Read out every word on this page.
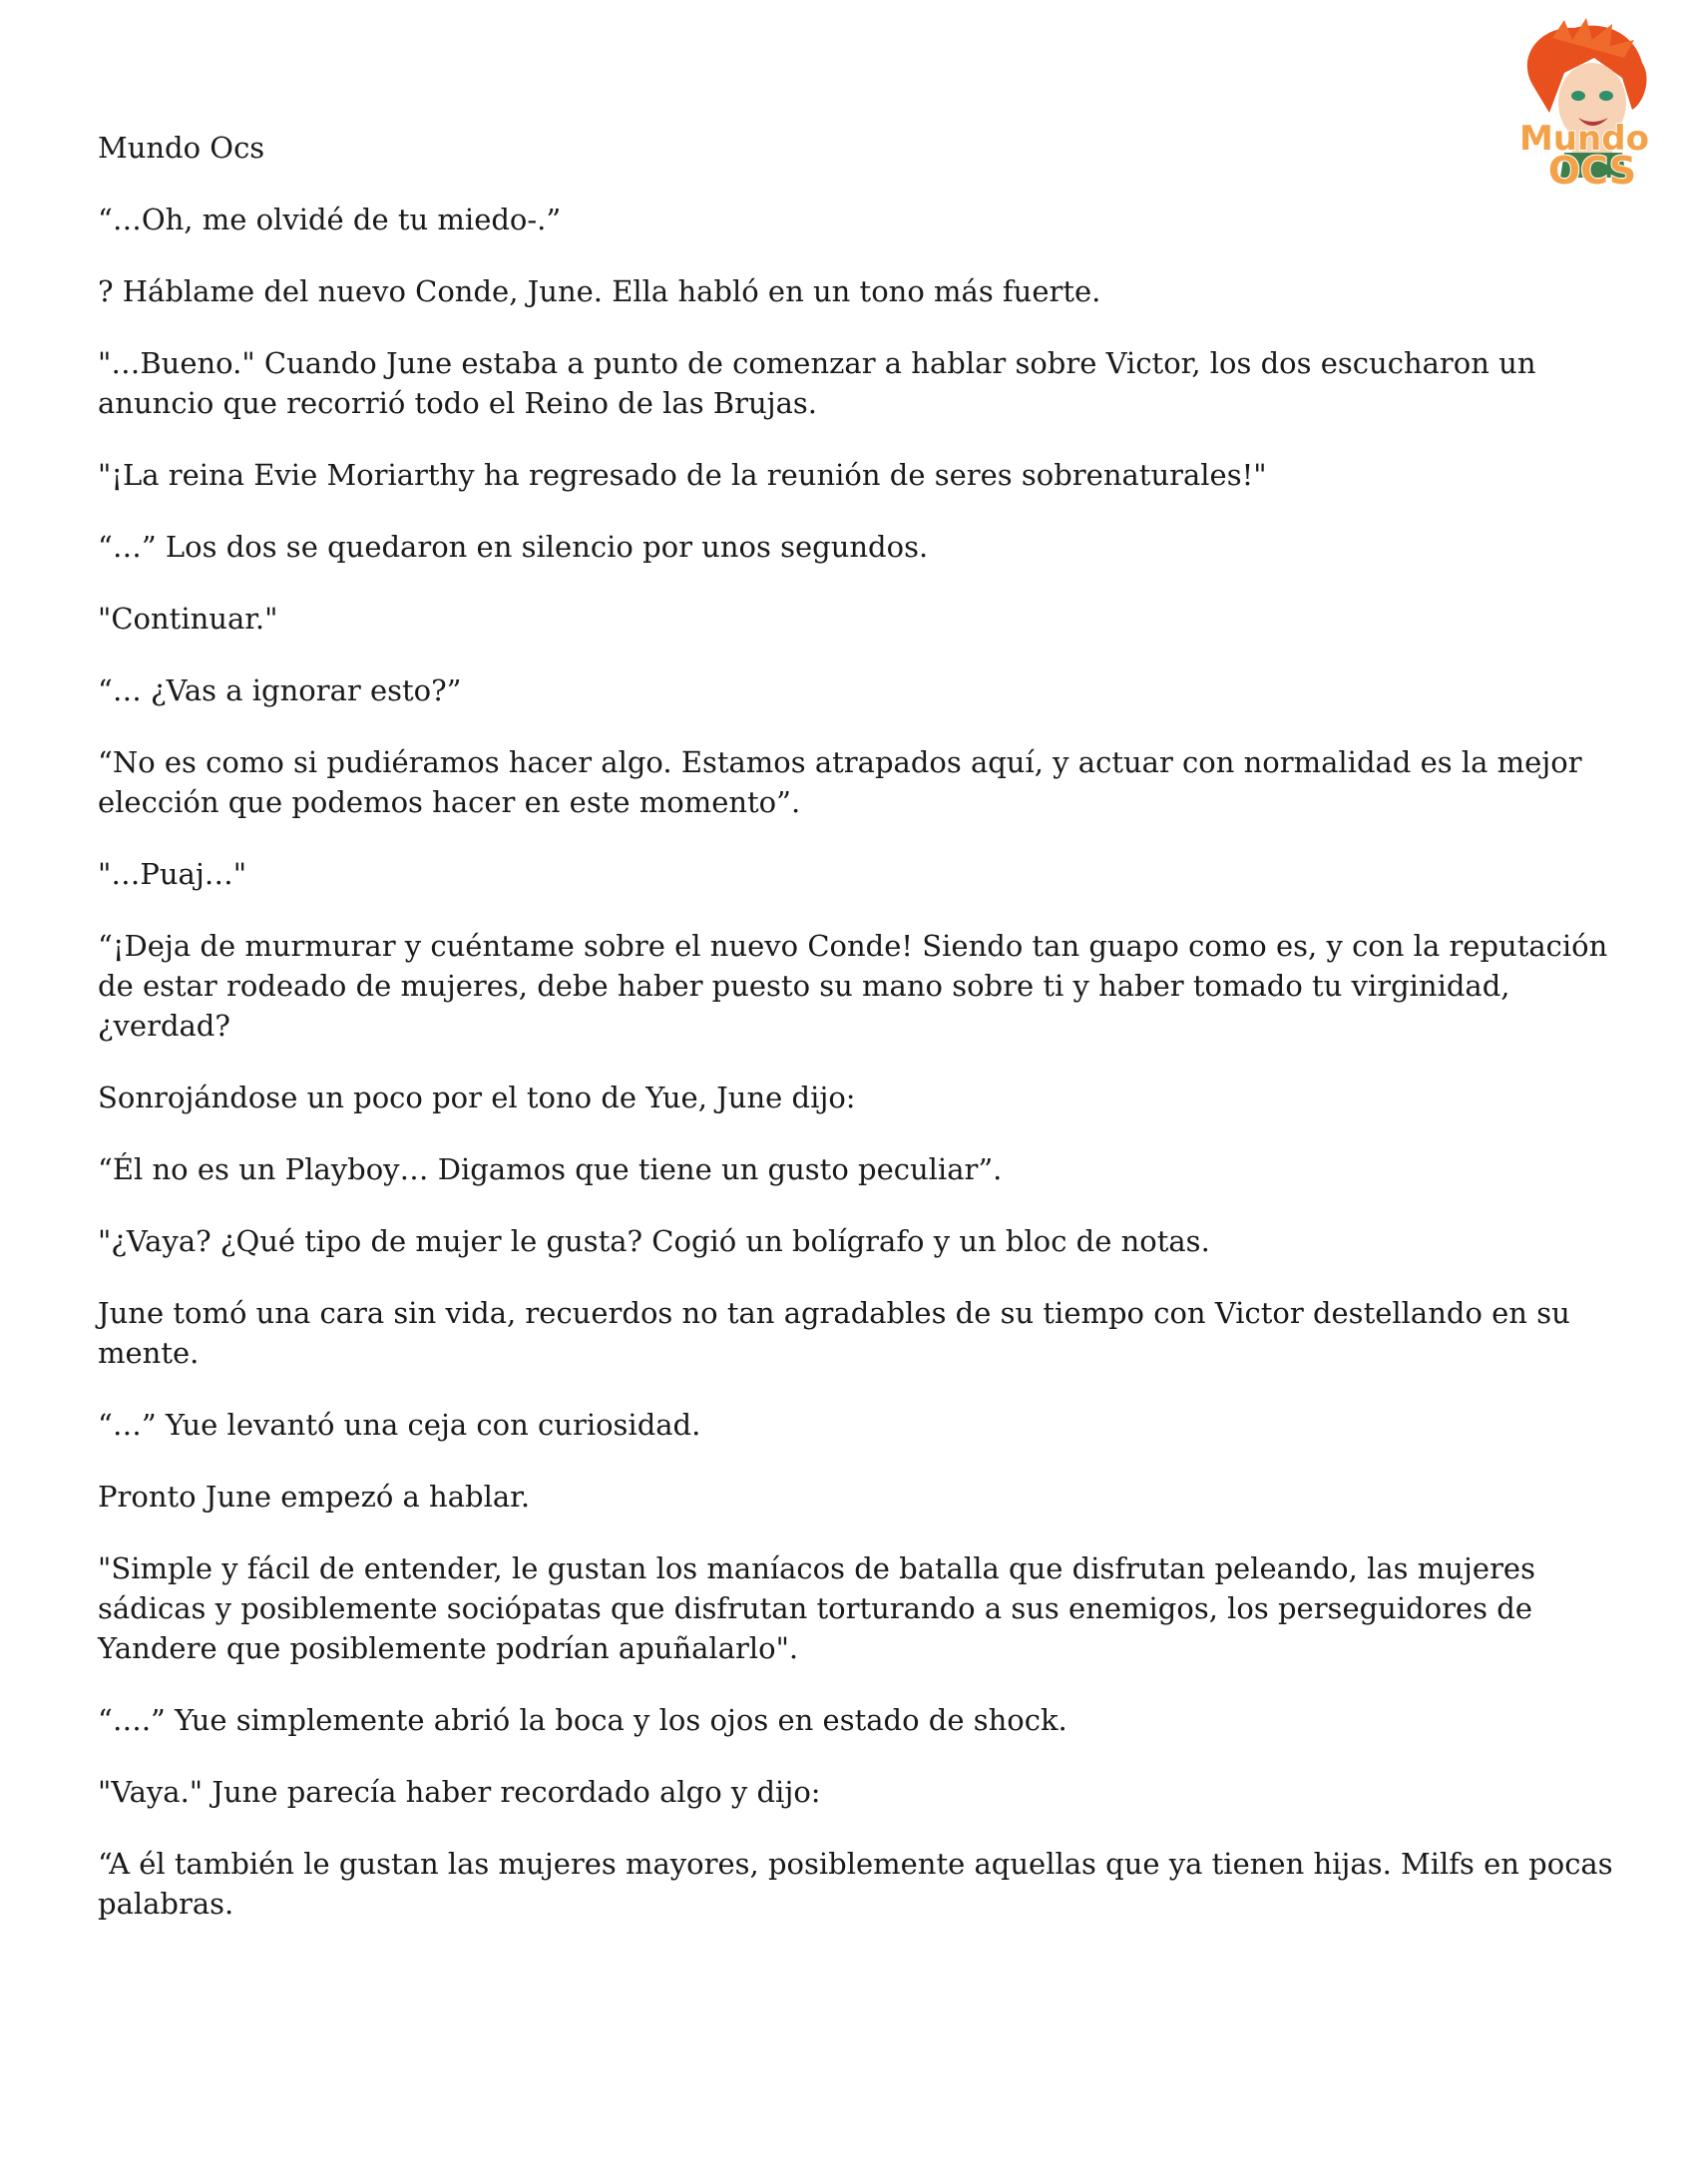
Mundo
OCS

Mundo Ocs

“…Oh, me olvidé de tu miedo-.”

? Háblame del nuevo Conde, June. Ella habló en un tono más fuerte.

"…Bueno." Cuando June estaba a punto de comenzar a hablar sobre Victor, los dos escucharon un anuncio que recorrió todo el Reino de las Brujas.

"¡La reina Evie Moriarthy ha regresado de la reunión de seres sobrenaturales!"

“…” Los dos se quedaron en silencio por unos segundos.

"Continuar."

“… ¿Vas a ignorar esto?”

“No es como si pudiéramos hacer algo. Estamos atrapados aquí, y actuar con normalidad es la mejor elección que podemos hacer en este momento”.

"…Puaj…"

“¡Deja de murmurar y cuéntame sobre el nuevo Conde! Siendo tan guapo como es, y con la reputación de estar rodeado de mujeres, debe haber puesto su mano sobre ti y haber tomado tu virginidad, ¿verdad?

Sonrojándose un poco por el tono de Yue, June dijo:

“Él no es un Playboy… Digamos que tiene un gusto peculiar”.

"¿Vaya? ¿Qué tipo de mujer le gusta? Cogió un bolígrafo y un bloc de notas.

June tomó una cara sin vida, recuerdos no tan agradables de su tiempo con Victor destellando en su mente.

“…” Yue levantó una ceja con curiosidad.

Pronto June empezó a hablar.

"Simple y fácil de entender, le gustan los maníacos de batalla que disfrutan peleando, las mujeres sádicas y posiblemente sociópatas que disfrutan torturando a sus enemigos, los perseguidores de Yandere que posiblemente podrían apuñalarlo".

“….” Yue simplemente abrió la boca y los ojos en estado de shock.

"Vaya." June parecía haber recordado algo y dijo:

“A él también le gustan las mujeres mayores, posiblemente aquellas que ya tienen hijas. Milfs en pocas palabras.
